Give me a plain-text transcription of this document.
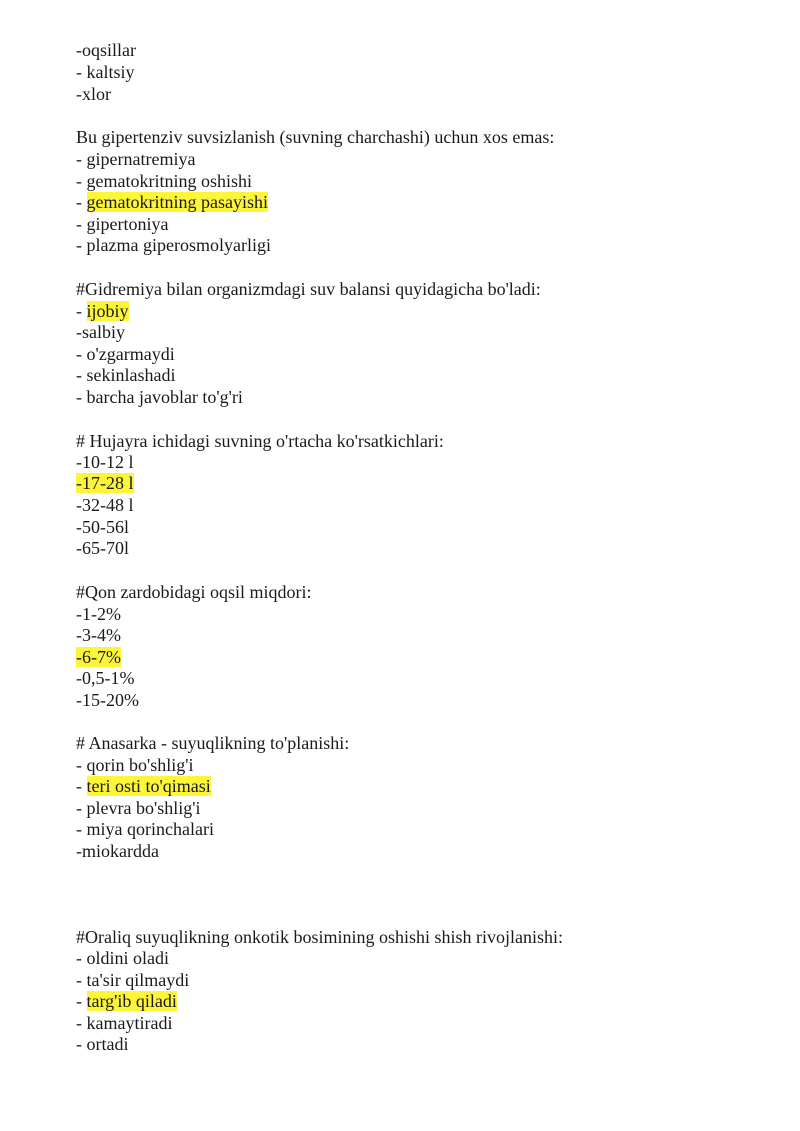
-oqsillar
- kaltsiy
-xlor
Bu gipertenziv suvsizlanish (suvning charchashi) uchun xos emas:
- gipernatremiya
- gematokritning oshishi
- gematokritning pasayishi
- gipertoniya
- plazma giperosmolyarligi
#Gidremiya bilan organizmdagi suv balansi quyidagicha bo'ladi:
- ijobiy
-salbiy
- o'zgarmaydi
- sekinlashadi
- barcha javoblar to'g'ri
# Hujayra ichidagi suvning o'rtacha ko'rsatkichlari:
-10-12 l
-17-28 l
-32-48 l
-50-56l
-65-70l
#Qon zardobidagi oqsil miqdori:
-1-2%
-3-4%
-6-7%
-0,5-1%
-15-20%
# Anasarka - suyuqlikning to'planishi:
- qorin bo'shlig'i
- teri osti to'qimasi
- plevra bo'shlig'i
- miya qorinchalari
-miokardda
#Oraliq suyuqlikning onkotik bosimining oshishi shish rivojlanishi:
- oldini oladi
- ta'sir qilmaydi
- targ'ib qiladi
- kamaytiradi
- ortadi
